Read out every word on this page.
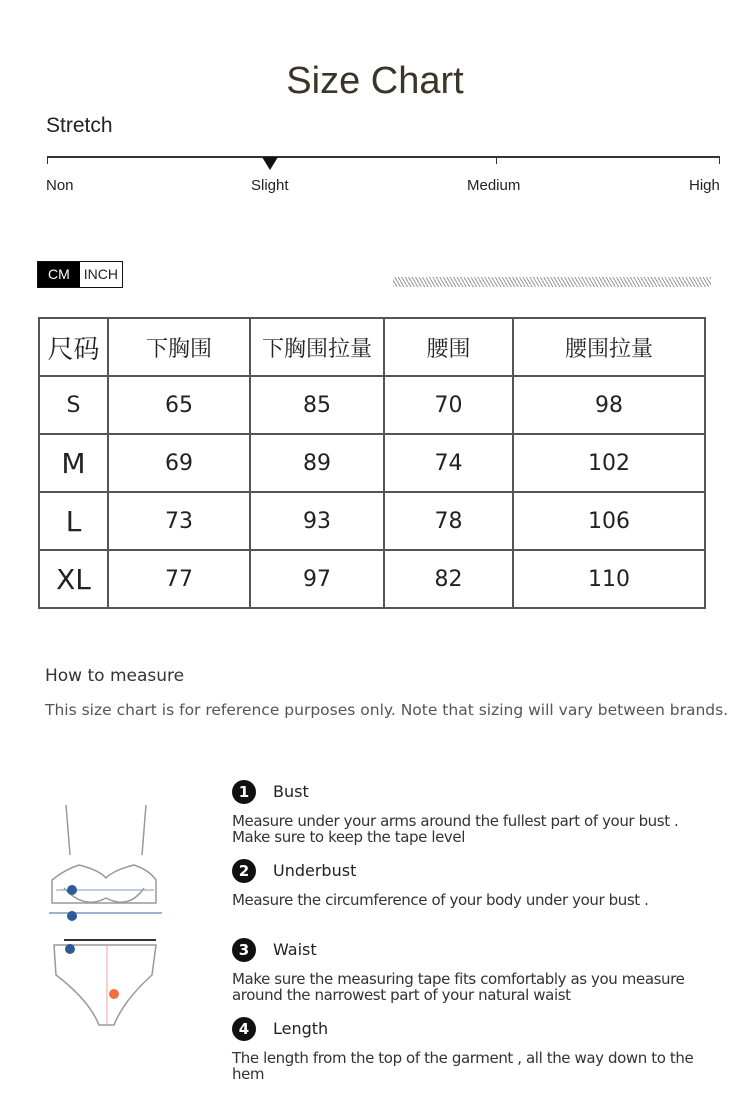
Size Chart
Stretch
Non	Slight	Medium	High
CM	INCH
尺码	下胸围	下胸围拉量	腰围	腰围拉量
S	65	85	70	98
M	69	89	74	102
L	73	93	78	106
XL	77	97	82	110
How to measure
This size chart is for reference purposes only. Note that sizing will vary between brands.
1	Bust
Measure under your arms around the fullest part of your bust . Make sure to keep the tape level
2	Underbust
Measure the circumference of your body under your bust .
3	Waist
Make sure the measuring tape fits comfortably as you measure around the narrowest part of your natural waist
4	Length
The length from the top of the garment , all the way down to the hem
